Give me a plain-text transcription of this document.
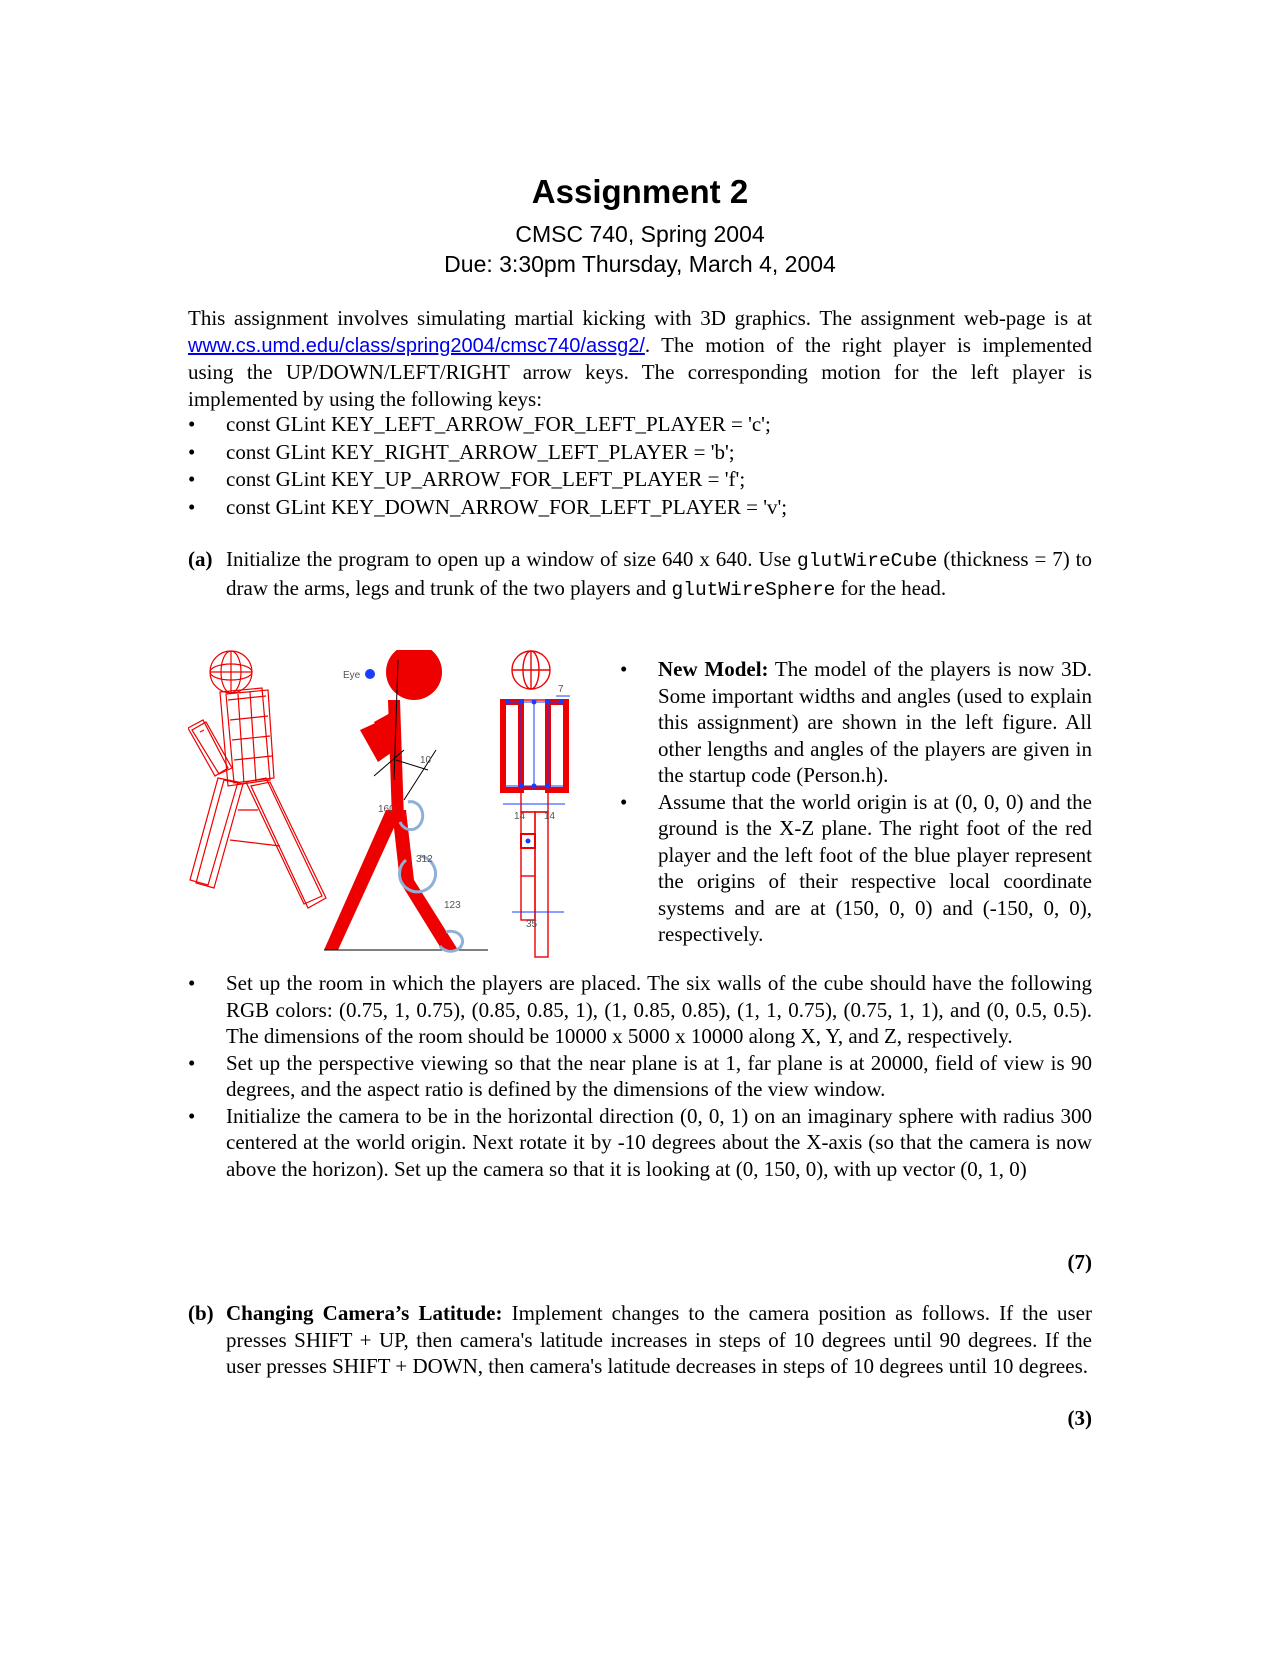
Assignment 2
CMSC 740, Spring 2004
Due: 3:30pm Thursday, March 4, 2004

This assignment involves simulating martial kicking with 3D graphics. The assignment web-page is at www.cs.umd.edu/class/spring2004/cmsc740/assg2/. The motion of the right player is implemented using the UP/DOWN/LEFT/RIGHT arrow keys. The corresponding motion for the left player is implemented by using the following keys:

• const GLint KEY_LEFT_ARROW_FOR_LEFT_PLAYER = 'c';
• const GLint KEY_RIGHT_ARROW_LEFT_PLAYER = 'b';
• const GLint KEY_UP_ARROW_FOR_LEFT_PLAYER = 'f';
• const GLint KEY_DOWN_ARROW_FOR_LEFT_PLAYER = 'v';
(a) Initialize the program to open up a window of size 640 x 640. Use glutWireCube (thickness = 7) to draw the arms, legs and trunk of the two players and glutWireSphere for the head.
Eye
10
160
312
123
14 14
7
35
• New Model: The model of the players is now 3D. Some important widths and angles (used to explain this assignment) are shown in the left figure. All other lengths and angles of the players are given in the startup code (Person.h).
• Assume that the world origin is at (0, 0, 0) and the ground is the X-Z plane. The right foot of the red player and the left foot of the blue player represent the origins of their respective local coordinate systems and are at (150, 0, 0) and (-150, 0, 0), respectively.
• Set up the room in which the players are placed. The six walls of the cube should have the following RGB colors: (0.75, 1, 0.75), (0.85, 0.85, 1), (1, 0.85, 0.85), (1, 1, 0.75), (0.75, 1, 1), and (0, 0.5, 0.5). The dimensions of the room should be 10000 x 5000 x 10000 along X, Y, and Z, respectively.
• Set up the perspective viewing so that the near plane is at 1, far plane is at 20000, field of view is 90 degrees, and the aspect ratio is defined by the dimensions of the view window.
• Initialize the camera to be in the horizontal direction (0, 0, 1) on an imaginary sphere with radius 300 centered at the world origin. Next rotate it by -10 degrees about the X-axis (so that the camera is now above the horizon). Set up the camera so that it is looking at (0, 150, 0), with up vector (0, 1, 0)
(7)
(b) Changing Camera’s Latitude: Implement changes to the camera position as follows. If the user presses SHIFT + UP, then camera's latitude increases in steps of 10 degrees until 90 degrees. If the user presses SHIFT + DOWN, then camera's latitude decreases in steps of 10 degrees until 10 degrees.
(3)
